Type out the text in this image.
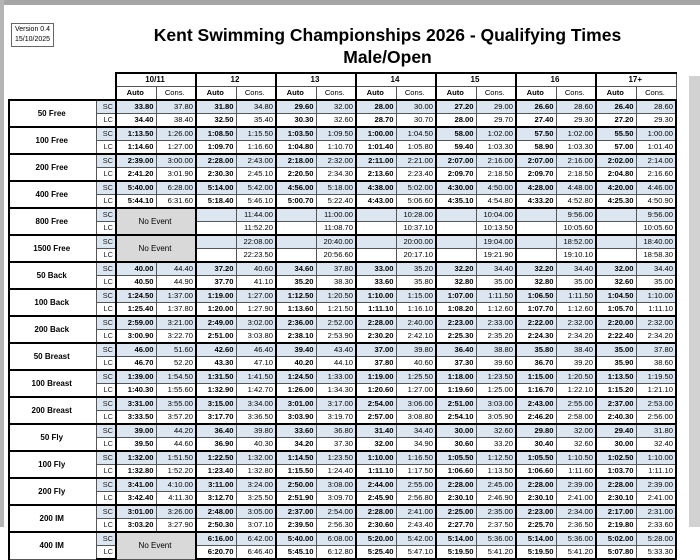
Version 0.4
15/10/2025	Kent Swimming Championships 2026 - Qualifying Times
Male/Open
		10/11		12		13		14		15		16		17+	
		Auto	Cons.	Auto	Cons.	Auto	Cons.	Auto	Cons.	Auto	Cons.	Auto	Cons.	Auto	Cons.
50 Free	SC	33.80	37.80	31.80	34.80	29.60	32.00	28.00	30.00	27.20	29.00	26.60	28.60	26.40	28.60
	LC	34.40	38.40	32.50	35.40	30.30	32.60	28.70	30.70	28.00	29.70	27.40	29.30	27.20	29.30
100 Free	SC	1:13.50	1:26.00	1:08.50	1:15.50	1:03.50	1:09.50	1:00.00	1:04.50	58.00	1:02.00	57.50	1:02.00	55.50	1:00.00
	LC	1:14.60	1:27.00	1:09.70	1:16.60	1:04.80	1:10.70	1:01.40	1:05.80	59.40	1:03.30	58.90	1:03.30	57.00	1:01.40
200 Free	SC	2:39.00	3:00.00	2:28.00	2:43.00	2:18.00	2:32.00	2:11.00	2:21.00	2:07.00	2:16.00	2:07.00	2:16.00	2:02.00	2:14.00
	LC	2:41.20	3:01.90	2:30.30	2:45.10	2:20.50	2:34.30	2:13.60	2:23.40	2:09.70	2:18.50	2:09.70	2:18.50	2:04.80	2:16.60
400 Free	SC	5:40.00	6:28.00	5:14.00	5:42.00	4:56.00	5:18.00	4:38.00	5:02.00	4:30.00	4:50.00	4:28.00	4:48.00	4:20.00	4:46.00
	LC	5:44.10	6:31.60	5:18.40	5:46.10	5:00.70	5:22.40	4:43.00	5:06.60	4:35.10	4:54.80	4:33.20	4:52.80	4:25.30	4:50.90
800 Free	SC	No Event			11:44.00		11:00.00		10:28.00		10:04.00		9:56.00		9:56.00
	LC				11:52.20		11:08.70		10:37.10		10:13.50		10:05.60		10:05.60
1500 Free	SC	No Event			22:08.00		20:40.00		20:00.00		19:04.00		18:52.00		18:40.00
	LC				22:23.50		20:56.60		20:17.10		19:21.90		19:10.10		18:58.30
50 Back	SC	40.00	44.40	37.20	40.60	34.60	37.80	33.00	35.20	32.20	34.40	32.20	34.40	32.00	34.40
	LC	40.50	44.90	37.70	41.10	35.20	38.30	33.60	35.80	32.80	35.00	32.80	35.00	32.60	35.00
100 Back	SC	1:24.50	1:37.00	1:19.00	1:27.00	1:12.50	1:20.50	1:10.00	1:15.00	1:07.00	1:11.50	1:06.50	1:11.50	1:04.50	1:10.00
	LC	1:25.40	1:37.80	1:20.00	1:27.90	1:13.60	1:21.50	1:11.10	1:16.10	1:08.20	1:12.60	1:07.70	1:12.60	1:05.70	1:11.10
200 Back	SC	2:59.00	3:21.00	2:49.00	3:02.00	2:36.00	2:52.00	2:28.00	2:40.00	2:23.00	2:33.00	2:22.00	2:32.00	2:20.00	2:32.00
	LC	3:00.90	3:22.70	2:51.00	3:03.80	2:38.10	2:53.90	2:30.20	2:42.10	2:25.30	2:35.20	2:24.30	2:34.20	2:22.40	2:34.20
50 Breast	SC	46.00	51.60	42.60	46.40	39.40	43.40	37.00	39.80	36.40	38.80	35.80	38.40	35.00	37.80
	LC	46.70	52.20	43.30	47.10	40.20	44.10	37.80	40.60	37.30	39.60	36.70	39.20	35.90	38.60
100 Breast	SC	1:39.00	1:54.50	1:31.50	1:41.50	1:24.50	1:33.00	1:19.00	1:25.50	1:18.00	1:23.50	1:15.00	1:20.50	1:13.50	1:19.50
	LC	1:40.30	1:55.60	1:32.90	1:42.70	1:26.00	1:34.30	1:20.60	1:27.00	1:19.60	1:25.00	1:16.70	1:22.10	1:15.20	1:21.10
200 Breast	SC	3:31.00	3:55.00	3:15.00	3:34.00	3:01.00	3:17.00	2:54.00	3:06.00	2:51.00	3:03.00	2:43.00	2:55.00	2:37.00	2:53.00
	LC	3:33.50	3:57.20	3:17.70	3:36.50	3:03.90	3:19.70	2:57.00	3:08.80	2:54.10	3:05.90	2:46.20	2:58.00	2:40.30	2:56.00
50 Fly	SC	39.00	44.20	36.40	39.80	33.60	36.80	31.40	34.40	30.00	32.60	29.80	32.00	29.40	31.80
	LC	39.50	44.60	36.90	40.30	34.20	37.30	32.00	34.90	30.60	33.20	30.40	32.60	30.00	32.40
100 Fly	SC	1:32.00	1:51.50	1:22.50	1:32.00	1:14.50	1:23.50	1:10.00	1:16.50	1:05.50	1:12.50	1:05.50	1:10.50	1:02.50	1:10.00
	LC	1:32.80	1:52.20	1:23.40	1:32.80	1:15.50	1:24.40	1:11.10	1:17.50	1:06.60	1:13.50	1:06.60	1:11.60	1:03.70	1:11.10
200 Fly	SC	3:41.00	4:10.00	3:11.00	3:24.00	2:50.00	3:08.00	2:44.00	2:55.00	2:28.00	2:45.00	2:28.00	2:39.00	2:28.00	2:39.00
	LC	3:42.40	4:11.30	3:12.70	3:25.50	2:51.90	3:09.70	2:45.90	2:56.80	2:30.10	2:46.90	2:30.10	2:41.00	2:30.10	2:41.00
200 IM	SC	3:01.00	3:26.00	2:48.00	3:05.00	2:37.00	2:54.00	2:28.00	2:41.00	2:25.00	2:35.00	2:23.00	2:34.00	2:17.00	2:31.00
	LC	3:03.20	3:27.90	2:50.30	3:07.10	2:39.50	2:56.30	2:30.60	2:43.40	2:27.70	2:37.50	2:25.70	2:36.50	2:19.80	2:33.60
400 IM	SC	No Event		6:16.00	6:42.00	5:40.00	6:08.00	5:20.00	5:42.00	5:14.00	5:36.00	5:14.00	5:36.00	5:02.00	5:28.00
	LC			6:20.70	6:46.40	5:45.10	6:12.80	5:25.40	5:47.10	5:19.50	5:41.20	5:19.50	5:41.20	5:07.80	5:33.30
